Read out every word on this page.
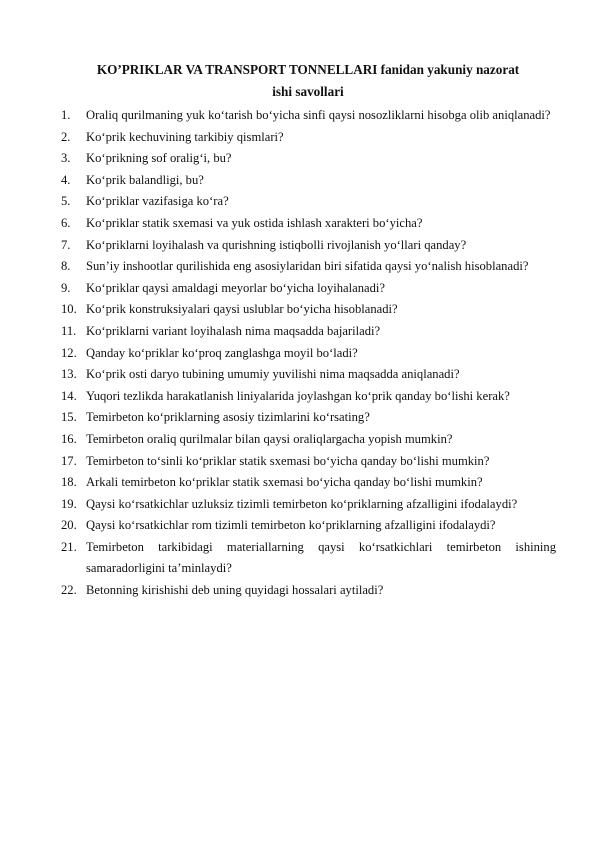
KO’PRIKLAR VA TRANSPORT TONNELLARI fanidan yakuniy nazorat
ishi savollari
1. Oraliq qurilmaning yuk ko‘tarish bo‘yicha sinfi qaysi nosozliklarni hisobga olib aniqlanadi?
2. Ko‘prik kechuvining tarkibiy qismlari?
3. Ko‘prikning sof oralig‘i, bu?
4. Ko‘prik balandligi, bu?
5. Ko‘priklar vazifasiga ko‘ra?
6. Ko‘priklar statik sxemasi va yuk ostida ishlash xarakteri bo‘yicha?
7. Ko‘priklarni loyihalash va qurishning istiqbolli rivojlanish yo‘llari qanday?
8. Sun’iy inshootlar qurilishida eng asosiylaridan biri sifatida qaysi yo‘nalish hisoblanadi?
9. Ko‘priklar qaysi amaldagi meyorlar bo‘yicha loyihalanadi?
10. Ko‘prik konstruksiyalari qaysi uslublar bo‘yicha hisoblanadi?
11. Ko‘priklarni variant loyihalash nima maqsadda bajariladi?
12. Qanday ko‘priklar ko‘proq zanglashga moyil bo‘ladi?
13. Ko‘prik osti daryo tubining umumiy yuvilishi nima maqsadda aniqlanadi?
14. Yuqori tezlikda harakatlanish liniyalarida joylashgan ko‘prik qanday bo‘lishi kerak?
15. Temirbeton ko‘priklarning asosiy tizimlarini ko‘rsating?
16. Temirbeton oraliq qurilmalar bilan qaysi oraliqlargacha yopish mumkin?
17. Temirbeton to‘sinli ko‘priklar statik sxemasi bo‘yicha qanday bo‘lishi mumkin?
18. Arkali temirbeton ko‘priklar statik sxemasi bo‘yicha qanday bo‘lishi mumkin?
19. Qaysi ko‘rsatkichlar uzluksiz tizimli temirbeton ko‘priklarning afzalligini ifodalaydi?
20. Qaysi ko‘rsatkichlar rom tizimli temirbeton ko‘priklarning afzalligini ifodalaydi?
21. Temirbeton tarkibidagi materiallarning qaysi ko‘rsatkichlari temirbeton ishining samaradorligini ta’minlaydi?
22. Betonning kirishishi deb uning quyidagi hossalari aytiladi?
